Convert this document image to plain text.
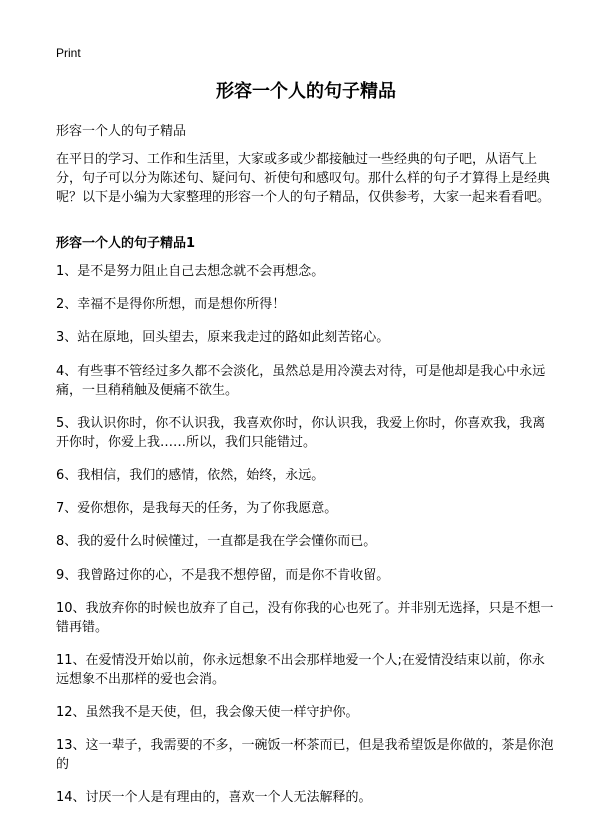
Print
形容一个人的句子精品
形容一个人的句子精品

在平日的学习、工作和生活里，大家或多或少都接触过一些经典的句子吧，从语气上分，句子可以分为陈述句、疑问句、祈使句和感叹句。那什么样的句子才算得上是经典呢？以下是小编为大家整理的形容一个人的句子精品，仅供参考，大家一起来看看吧。

形容一个人的句子精品1
1、是不是努力阻止自己去想念就不会再想念。
2、幸福不是得你所想，而是想你所得！
3、站在原地，回头望去，原来我走过的路如此刻苦铭心。
4、有些事不管经过多久都不会淡化，虽然总是用冷漠去对待，可是他却是我心中永远痛，一旦稍稍触及便痛不欲生。
5、我认识你时，你不认识我，我喜欢你时，你认识我，我爱上你时，你喜欢我，我离开你时，你爱上我……所以，我们只能错过。
6、我相信，我们的感情，依然，始终，永远。
7、爱你想你，是我每天的任务，为了你我愿意。
8、我的爱什么时候懂过，一直都是我在学会懂你而已。
9、我曾路过你的心，不是我不想停留，而是你不肯收留。
10、我放弃你的时候也放弃了自己，没有你我的心也死了。并非别无选择，只是不想一错再错。
11、在爱情没开始以前，你永远想象不出会那样地爱一个人;在爱情没结束以前，你永远想象不出那样的爱也会消。
12、虽然我不是天使，但，我会像天使一样守护你。
13、这一辈子，我需要的不多，一碗饭一杯茶而已，但是我希望饭是你做的，茶是你泡的
14、讨厌一个人是有理由的，喜欢一个人无法解释的。
